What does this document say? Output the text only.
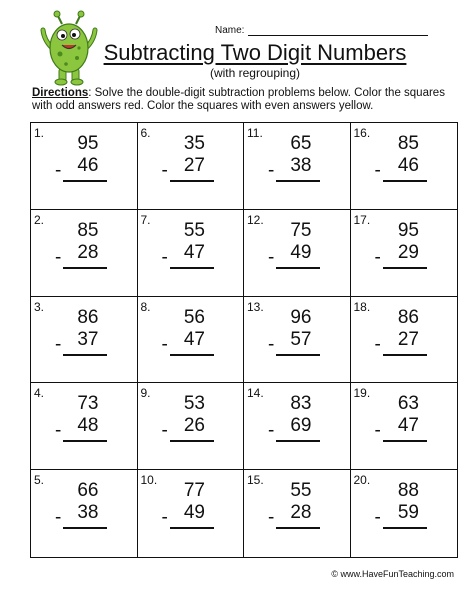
Name:
Subtracting Two Digit Numbers
(with regrouping)
Directions: Solve the double-digit subtraction problems below. Color the squares with odd answers red. Color the squares with even answers yellow.
1. 95
- 46
6. 35
- 27
11. 65
- 38
16. 85
- 46
2. 85
- 28
7. 55
- 47
12. 75
- 49
17. 95
- 29
3. 86
- 37
8. 56
- 47
13. 96
- 57
18. 86
- 27
4. 73
- 48
9. 53
- 26
14. 83
- 69
19. 63
- 47
5. 66
- 38
10. 77
- 49
15. 55
- 28
20. 88
- 59
© www.HaveFunTeaching.com
